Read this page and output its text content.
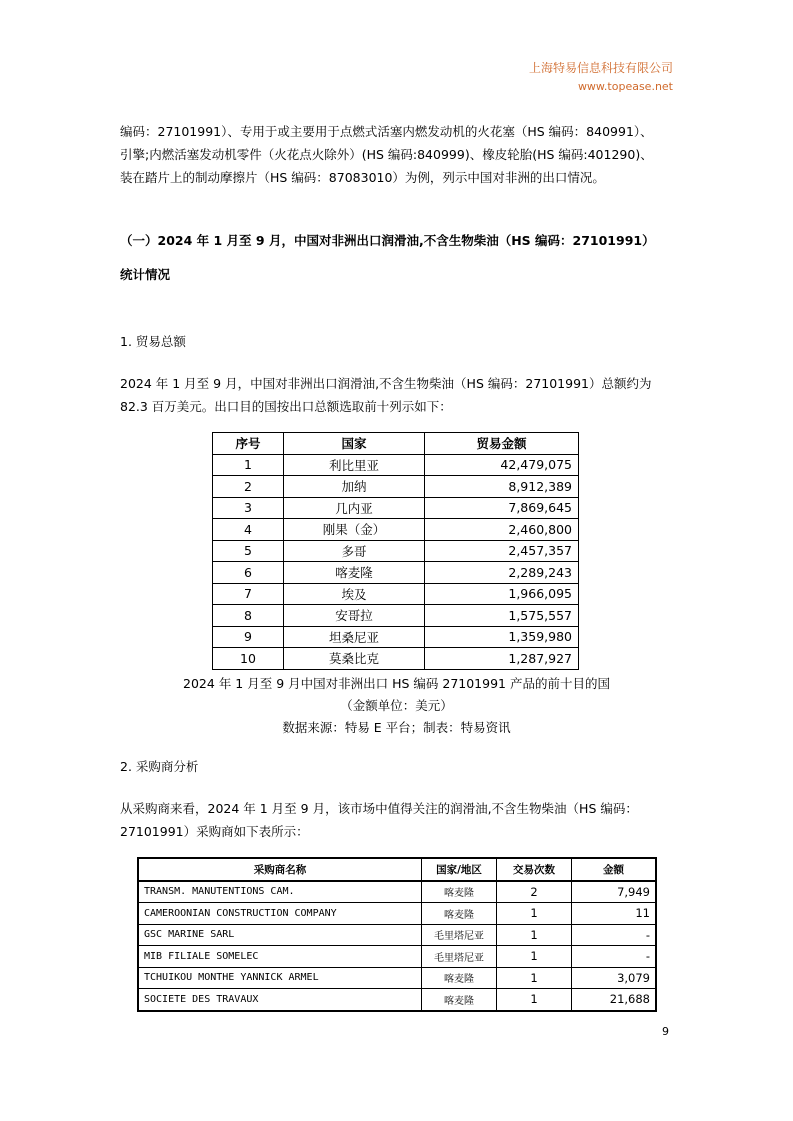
上海特易信息科技有限公司
www.topease.net
编码：27101991）、专用于或主要用于点燃式活塞内燃发动机的火花塞（HS 编码：840991）、
引擎;内燃活塞发动机零件（火花点火除外）(HS 编码:840999)、橡皮轮胎(HS 编码:401290)、
装在踏片上的制动摩擦片（HS 编码：87083010）为例，列示中国对非洲的出口情况。
（一）2024 年 1 月至 9 月，中国对非洲出口润滑油,不含生物柴油（HS 编码：27101991）
统计情况
1. 贸易总额
2024 年 1 月至 9 月，中国对非洲出口润滑油,不含生物柴油（HS 编码：27101991）总额约为
82.3 百万美元。出口目的国按出口总额选取前十列示如下：
序号	国家	贸易金额
1	利比里亚	42,479,075
2	加纳	8,912,389
3	几内亚	7,869,645
4	刚果（金）	2,460,800
5	多哥	2,457,357
6	喀麦隆	2,289,243
7	埃及	1,966,095
8	安哥拉	1,575,557
9	坦桑尼亚	1,359,980
10	莫桑比克	1,287,927
2024 年 1 月至 9 月中国对非洲出口 HS 编码 27101991 产品的前十目的国
（金额单位：美元）
数据来源：特易 E 平台；制表：特易资讯
2. 采购商分析
从采购商来看，2024 年 1 月至 9 月，该市场中值得关注的润滑油,不含生物柴油（HS 编码：
27101991）采购商如下表所示：
采购商名称	国家/地区	交易次数	金额
TRANSM. MANUTENTIONS CAM.	喀麦隆	2	7,949
CAMEROONIAN CONSTRUCTION COMPANY	喀麦隆	1	11
GSC MARINE SARL	毛里塔尼亚	1	-
MIB FILIALE SOMELEC	毛里塔尼亚	1	-
TCHUIKOU MONTHE YANNICK ARMEL	喀麦隆	1	3,079
SOCIETE DES TRAVAUX	喀麦隆	1	21,688
9
